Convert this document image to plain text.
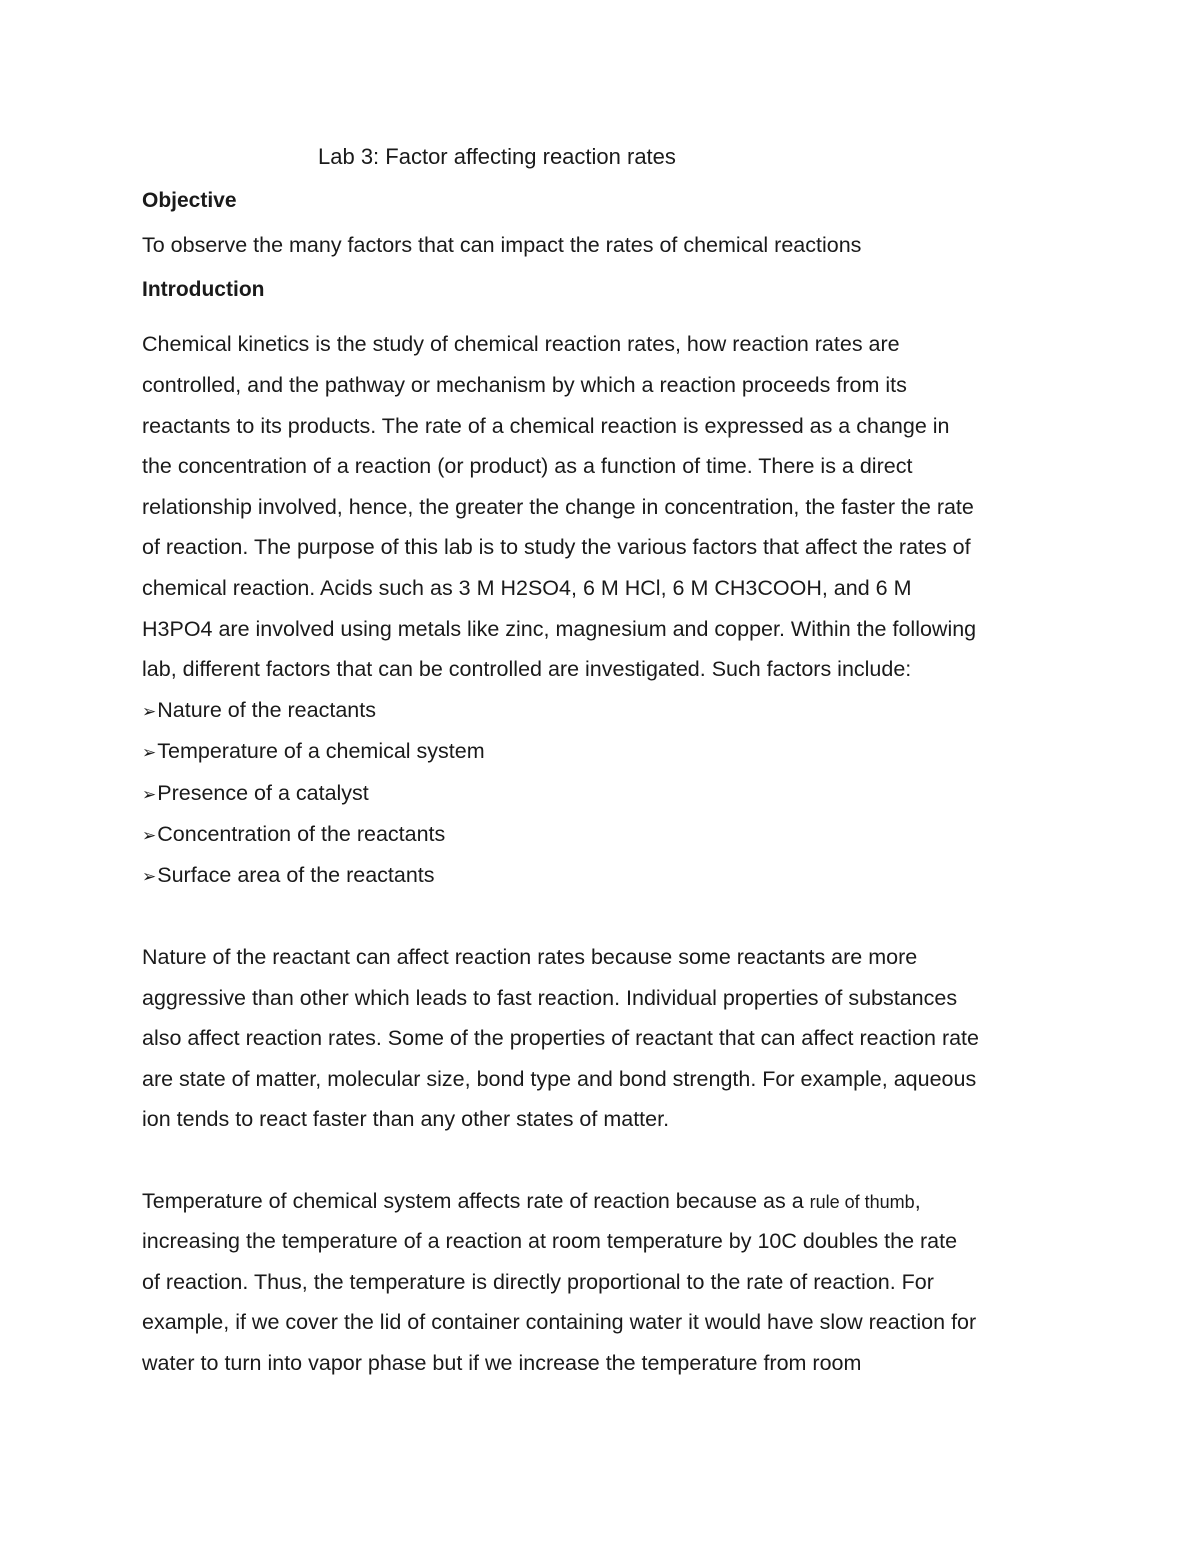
Lab 3: Factor affecting reaction rates
Objective
To observe the many factors that can impact the rates of chemical reactions
Introduction
Chemical kinetics is the study of chemical reaction rates, how reaction rates are
controlled, and the pathway or mechanism by which a reaction proceeds from its
reactants to its products. The rate of a chemical reaction is expressed as a change in
the concentration of a reaction (or product) as a function of time. There is a direct
relationship involved, hence, the greater the change in concentration, the faster the rate
of reaction. The purpose of this lab is to study the various factors that affect the rates of
chemical reaction. Acids such as 3 M H2SO4, 6 M HCl, 6 M CH3COOH, and 6 M
H3PO4 are involved using metals like zinc, magnesium and copper. Within the following
lab, different factors that can be controlled are investigated. Such factors include:
➢Nature of the reactants
➢Temperature of a chemical system
➢Presence of a catalyst
➢Concentration of the reactants
➢Surface area of the reactants
Nature of the reactant can affect reaction rates because some reactants are more
aggressive than other which leads to fast reaction. Individual properties of substances
also affect reaction rates. Some of the properties of reactant that can affect reaction rate
are state of matter, molecular size, bond type and bond strength. For example, aqueous
ion tends to react faster than any other states of matter.
Temperature of chemical system affects rate of reaction because as a rule of thumb,
increasing the temperature of a reaction at room temperature by 10C doubles the rate
of reaction. Thus, the temperature is directly proportional to the rate of reaction. For
example, if we cover the lid of container containing water it would have slow reaction for
water to turn into vapor phase but if we increase the temperature from room
